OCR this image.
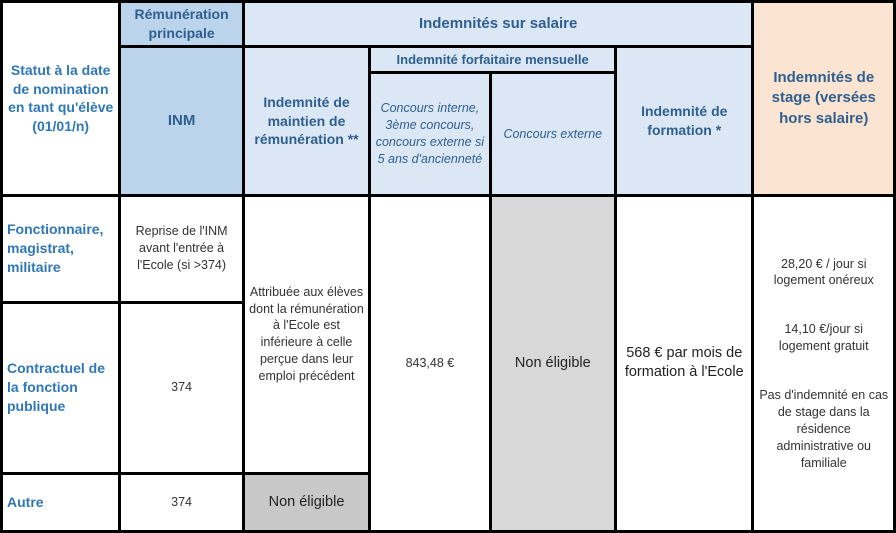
Statut à la date de nomination en tant qu'élève (01/01/n)	Rémunération principale	Indemnités sur salaire				Indemnités de stage (versées hors salaire)
	INM	Indemnité de maintien de rémunération **	Indemnité forfaitaire mensuelle		Indemnité de formation *	
			Concours interne, 3ème concours, concours externe si 5 ans d'ancienneté	Concours externe		

Fonctionnaire, magistrat, militaire	Reprise de l'INM avant l'entrée à l'Ecole (si >374)	Attribuée aux élèves dont la rémunération à l'Ecole est inférieure à celle perçue dans leur emploi précédent	843,48 €	Non éligible	568 € par mois de formation à l'Ecole	28,20 € / jour si logement onéreux
14,10 €/jour si logement gratuit
Pas d'indemnité en cas de stage dans la résidence administrative ou familiale

Contractuel de la fonction publique	374					
Autre	374	Non éligible				
